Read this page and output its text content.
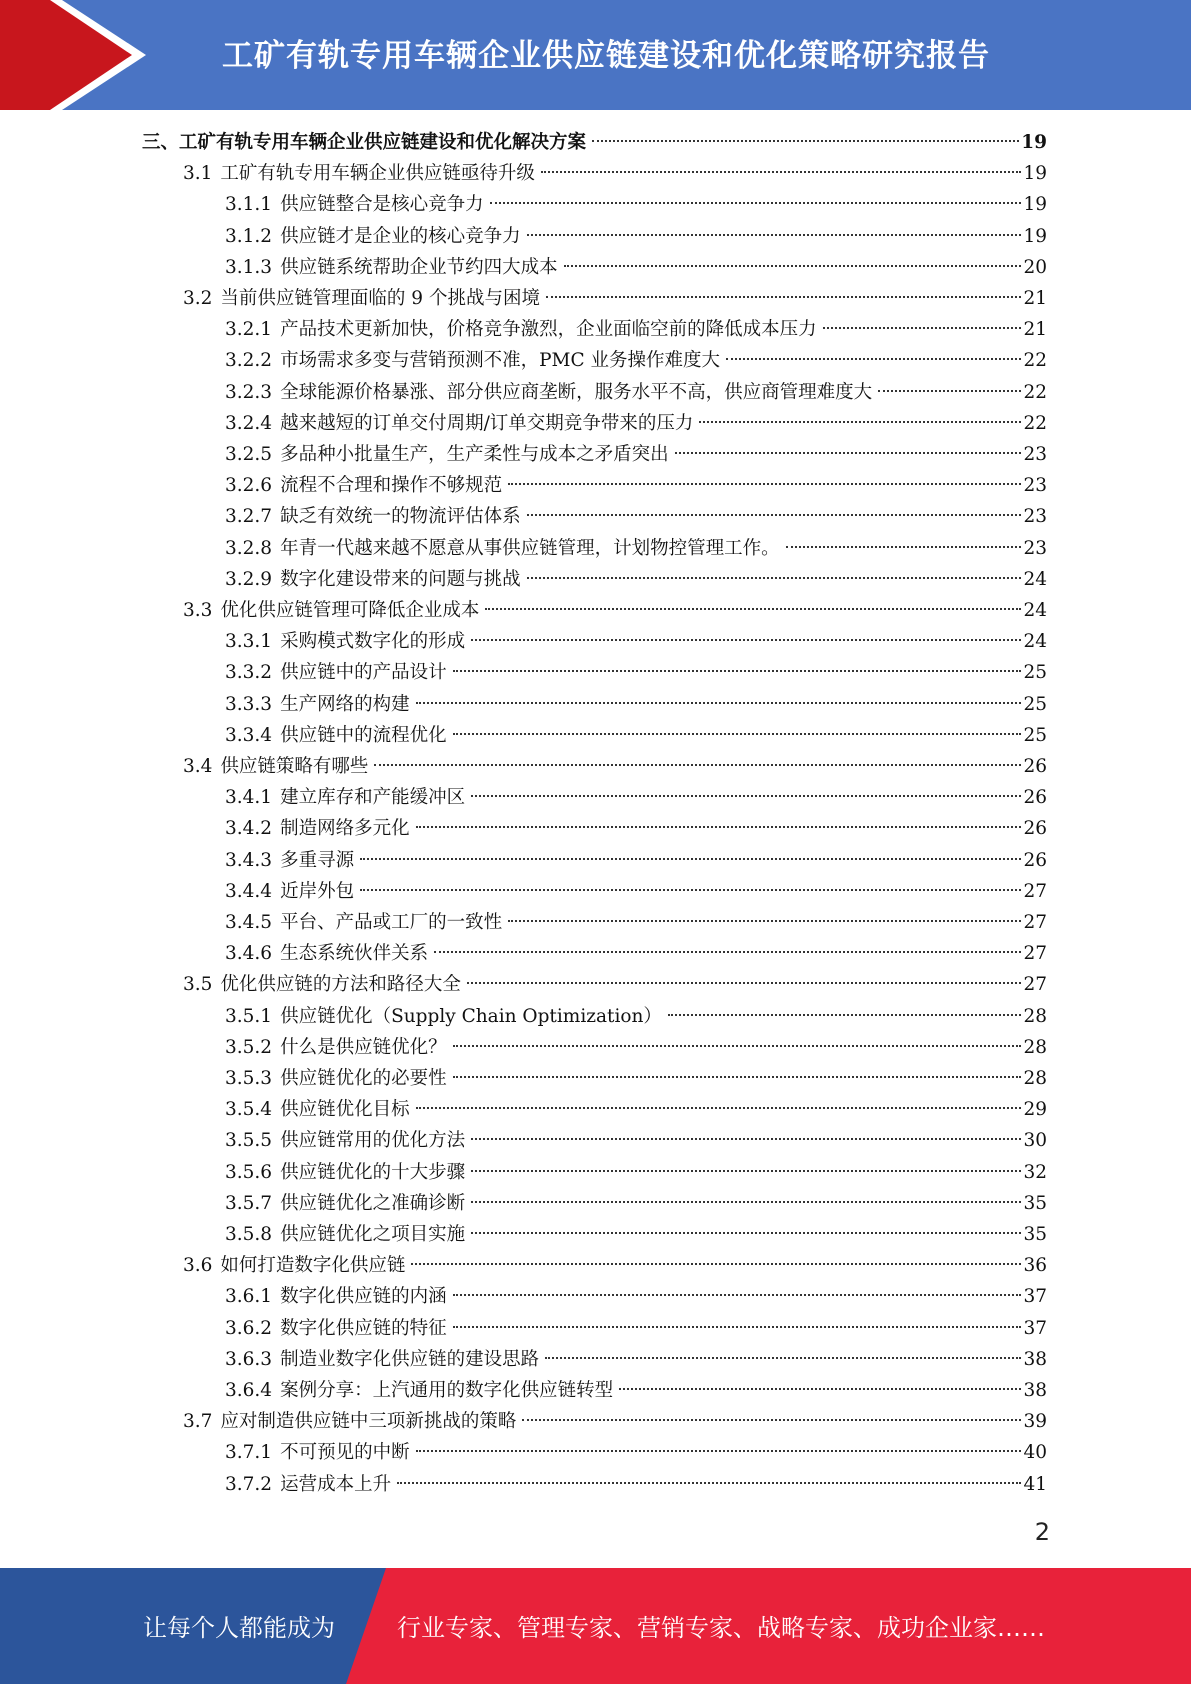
工矿有轨专用车辆企业供应链建设和优化策略研究报告
三、工矿有轨专用车辆企业供应链建设和优化解决方案	19
3.1 工矿有轨专用车辆企业供应链亟待升级	19
3.1.1 供应链整合是核心竞争力	19
3.1.2 供应链才是企业的核心竞争力	19
3.1.3 供应链系统帮助企业节约四大成本	20
3.2 当前供应链管理面临的 9 个挑战与困境	21
3.2.1 产品技术更新加快，价格竞争激烈，企业面临空前的降低成本压力	21
3.2.2 市场需求多变与营销预测不准，PMC 业务操作难度大	22
3.2.3 全球能源价格暴涨、部分供应商垄断，服务水平不高，供应商管理难度大	22
3.2.4 越来越短的订单交付周期/订单交期竞争带来的压力	22
3.2.5 多品种小批量生产，生产柔性与成本之矛盾突出	23
3.2.6 流程不合理和操作不够规范	23
3.2.7 缺乏有效统一的物流评估体系	23
3.2.8 年青一代越来越不愿意从事供应链管理，计划物控管理工作。	23
3.2.9 数字化建设带来的问题与挑战	24
3.3 优化供应链管理可降低企业成本	24
3.3.1 采购模式数字化的形成	24
3.3.2 供应链中的产品设计	25
3.3.3 生产网络的构建	25
3.3.4 供应链中的流程优化	25
3.4 供应链策略有哪些	26
3.4.1 建立库存和产能缓冲区	26
3.4.2 制造网络多元化	26
3.4.3 多重寻源	26
3.4.4 近岸外包	27
3.4.5 平台、产品或工厂的一致性	27
3.4.6 生态系统伙伴关系	27
3.5 优化供应链的方法和路径大全	27
3.5.1 供应链优化（Supply Chain Optimization）	28
3.5.2 什么是供应链优化？	28
3.5.3 供应链优化的必要性	28
3.5.4 供应链优化目标	29
3.5.5 供应链常用的优化方法	30
3.5.6 供应链优化的十大步骤	32
3.5.7 供应链优化之准确诊断	35
3.5.8 供应链优化之项目实施	35
3.6 如何打造数字化供应链	36
3.6.1 数字化供应链的内涵	37
3.6.2 数字化供应链的特征	37
3.6.3 制造业数字化供应链的建设思路	38
3.6.4 案例分享：上汽通用的数字化供应链转型	38
3.7 应对制造供应链中三项新挑战的策略	39
3.7.1 不可预见的中断	40
3.7.2 运营成本上升	41
2
让每个人都能成为	行业专家、管理专家、营销专家、战略专家、成功企业家……
